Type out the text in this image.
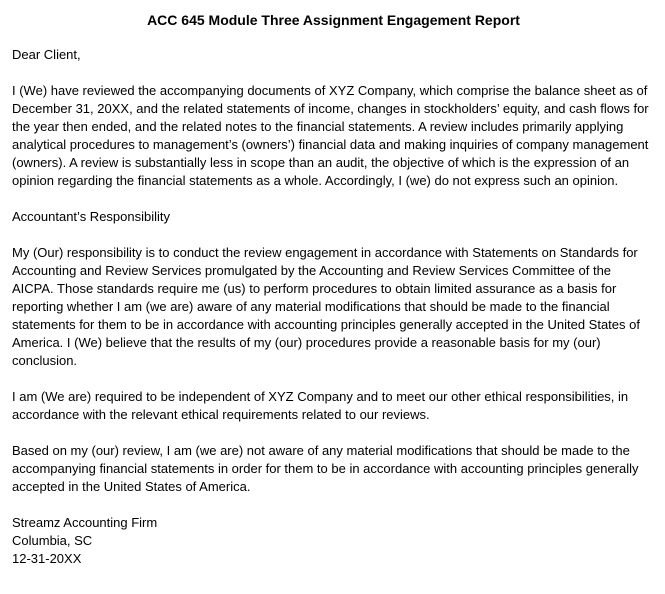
ACC 645 Module Three Assignment Engagement Report
Dear Client,
I (We) have reviewed the accompanying documents of XYZ Company, which comprise the balance sheet as of December 31, 20XX, and the related statements of income, changes in stockholders’ equity, and cash flows for the year then ended, and the related notes to the financial statements. A review includes primarily applying analytical procedures to management’s (owners’) financial data and making inquiries of company management (owners). A review is substantially less in scope than an audit, the objective of which is the expression of an opinion regarding the financial statements as a whole. Accordingly, I (we) do not express such an opinion.
Accountant’s Responsibility
My (Our) responsibility is to conduct the review engagement in accordance with Statements on Standards for Accounting and Review Services promulgated by the Accounting and Review Services Committee of the AICPA. Those standards require me (us) to perform procedures to obtain limited assurance as a basis for reporting whether I am (we are) aware of any material modifications that should be made to the financial statements for them to be in accordance with accounting principles generally accepted in the United States of America. I (We) believe that the results of my (our) procedures provide a reasonable basis for my (our) conclusion.
I am (We are) required to be independent of XYZ Company and to meet our other ethical responsibilities, in accordance with the relevant ethical requirements related to our reviews.
Based on my (our) review, I am (we are) not aware of any material modifications that should be made to the accompanying financial statements in order for them to be in accordance with accounting principles generally accepted in the United States of America.
Streamz Accounting Firm
Columbia, SC
12-31-20XX
